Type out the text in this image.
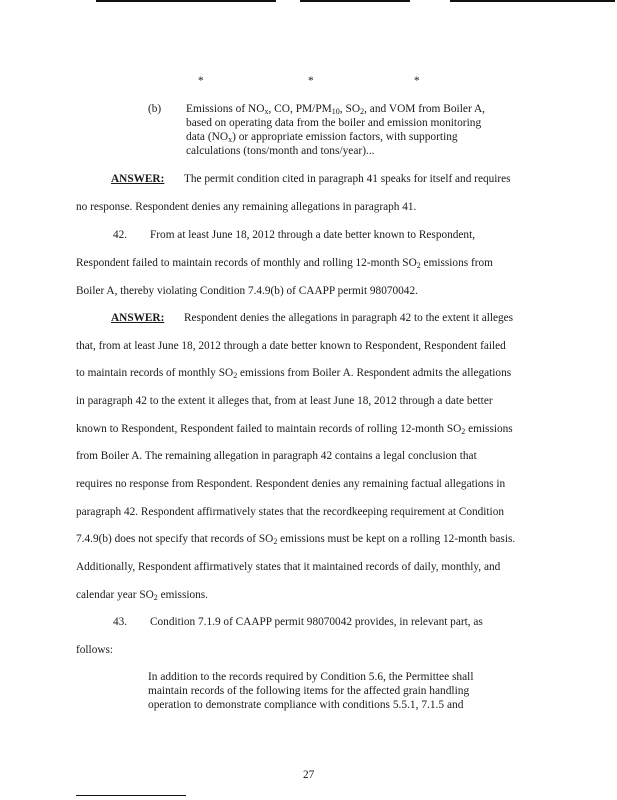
*	*	*
(b) Emissions of $NO_x$, CO, $PM/PM_{10}$, $SO_2$, and VOM from Boiler A,
based on operating data from the boiler and emission monitoring
data $(NO_x)$ or appropriate emission factors, with supporting
calculations (tons/month and tons/year)...
ANSWER: The permit condition cited in paragraph 41 speaks for itself and requires
no response. Respondent denies any remaining allegations in paragraph 41.
42. From at least June 18, 2012 through a date better known to Respondent,
Respondent failed to maintain records of monthly and rolling 12-month $SO_2$ emissions from
Boiler A, thereby violating Condition 7.4.9(b) of CAAPP permit 98070042.
ANSWER: Respondent denies the allegations in paragraph 42 to the extent it alleges
that, from at least June 18, 2012 through a date better known to Respondent, Respondent failed
to maintain records of monthly $SO_2$ emissions from Boiler A. Respondent admits the allegations
in paragraph 42 to the extent it alleges that, from at least June 18, 2012 through a date better
known to Respondent, Respondent failed to maintain records of rolling 12-month $SO_2$ emissions
from Boiler A. The remaining allegation in paragraph 42 contains a legal conclusion that
requires no response from Respondent. Respondent denies any remaining factual allegations in
paragraph 42. Respondent affirmatively states that the recordkeeping requirement at Condition
7.4.9(b) does not specify that records of $SO_2$ emissions must be kept on a rolling 12-month basis.
Additionally, Respondent affirmatively states that it maintained records of daily, monthly, and
calendar year $SO_2$ emissions.
43. Condition 7.1.9 of CAAPP permit 98070042 provides, in relevant part, as
follows:
In addition to the records required by Condition 5.6, the Permittee shall
maintain records of the following items for the affected grain handling
operation to demonstrate compliance with conditions 5.5.1, 7.1.5 and
27
